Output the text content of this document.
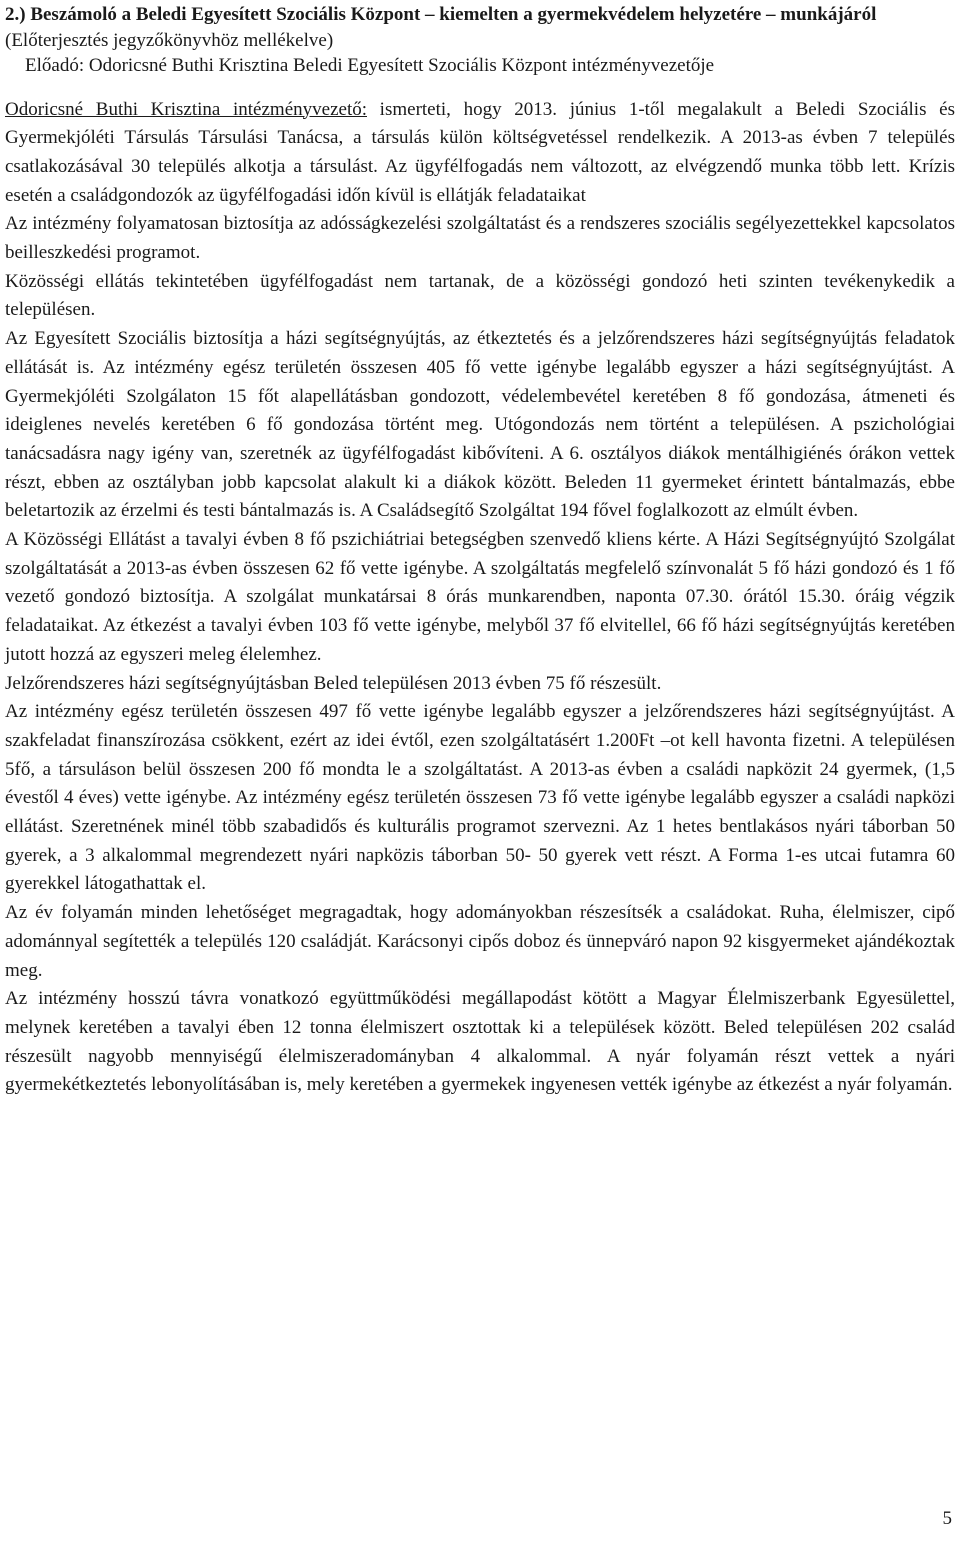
2.) Beszámoló a Beledi Egyesített Szociális Központ – kiemelten a gyermekvédelem helyzetére – munkájáról (Előterjesztés jegyzőkönyvhöz mellékelve)
Előadó: Odoricsné Buthi Krisztina Beledi Egyesített Szociális Központ intézményvezetője
Odoricsné Buthi Krisztina intézményvezető: ismerteti, hogy 2013. június 1-től megalakult a Beledi Szociális és Gyermekjóléti Társulás Társulási Tanácsa, a társulás külön költségvetéssel rendelkezik. A 2013-as évben 7 település csatlakozásával 30 település alkotja a társulást. Az ügyfélfogadás nem változott, az elvégzendő munka több lett. Krízis esetén a családgondozók az ügyfélfogadási időn kívül is ellátják feladataikat
Az intézmény folyamatosan biztosítja az adósságkezelési szolgáltatást és a rendszeres szociális segélyezettekkel kapcsolatos beilleszkedési programot.
Közösségi ellátás tekintetében ügyfélfogadást nem tartanak, de a közösségi gondozó heti szinten tevékenykedik a településen.
Az Egyesített Szociális biztosítja a házi segítségnyújtás, az étkeztetés és a jelzőrendszeres házi segítségnyújtás feladatok ellátását is. Az intézmény egész területén összesen 405 fő vette igénybe legalább egyszer a házi segítségnyújtást. A Gyermekjóléti Szolgálaton 15 főt alapellátásban gondozott, védelembevétel keretében 8 fő gondozása, átmeneti és ideiglenes nevelés keretében 6 fő gondozása történt meg. Utógondozás nem történt a településen. A pszichológiai tanácsadásra nagy igény van, szeretnék az ügyfélfogadást kibővíteni. A 6. osztályos diákok mentálhigiénés órákon vettek részt, ebben az osztályban jobb kapcsolat alakult ki a diákok között. Beleden 11 gyermeket érintett bántalmazás, ebbe beletartozik az érzelmi és testi bántalmazás is. A Családsegítő Szolgáltat 194 fővel foglalkozott az elmúlt évben.
A Közösségi Ellátást a tavalyi évben 8 fő pszichiátriai betegségben szenvedő kliens kérte. A Házi Segítségnyújtó Szolgálat szolgáltatását a 2013-as évben összesen 62 fő vette igénybe. A szolgáltatás megfelelő színvonalát 5 fő házi gondozó és 1 fő vezető gondozó biztosítja. A szolgálat munkatársai 8 órás munkarendben, naponta 07.30. órától 15.30. óráig végzik feladataikat. Az étkezést a tavalyi évben 103 fő vette igénybe, melyből 37 fő elvitellel, 66 fő házi segítségnyújtás keretében jutott hozzá az egyszeri meleg élelemhez.
Jelzőrendszeres házi segítségnyújtásban Beled településen 2013 évben 75 fő részesült.
Az intézmény egész területén összesen 497 fő vette igénybe legalább egyszer a jelzőrendszeres házi segítségnyújtást. A szakfeladat finanszírozása csökkent, ezért az idei évtől, ezen szolgáltatásért 1.200Ft –ot kell havonta fizetni. A településen 5fő, a társuláson belül összesen 200 fő mondta le a szolgáltatást. A 2013-as évben a családi napközit 24 gyermek, (1,5 évestől 4 éves) vette igénybe. Az intézmény egész területén összesen 73 fő vette igénybe legalább egyszer a családi napközi ellátást. Szeretnének minél több szabadidős és kulturális programot szervezni. Az 1 hetes bentlakásos nyári táborban 50 gyerek, a 3 alkalommal megrendezett nyári napközis táborban 50- 50 gyerek vett részt. A Forma 1-es utcai futamra 60 gyerekkel látogathattak el.
Az év folyamán minden lehetőséget megragadtak, hogy adományokban részesítsék a családokat. Ruha, élelmiszer, cipő adománnyal segítették a település 120 családját. Karácsonyi cipős doboz és ünnepváró napon 92 kisgyermeket ajándékoztak meg.
Az intézmény hosszú távra vonatkozó együttműködési megállapodást kötött a Magyar Élelmiszerbank Egyesülettel, melynek keretében a tavalyi ében 12 tonna élelmiszert osztottak ki a települések között. Beled településen 202 család részesült nagyobb mennyiségű élelmiszeradományban 4 alkalommal. A nyár folyamán részt vettek a nyári gyermekétkeztetés lebonyolításában is, mely keretében a gyermekek ingyenesen vették igénybe az étkezést a nyár folyamán.
5
